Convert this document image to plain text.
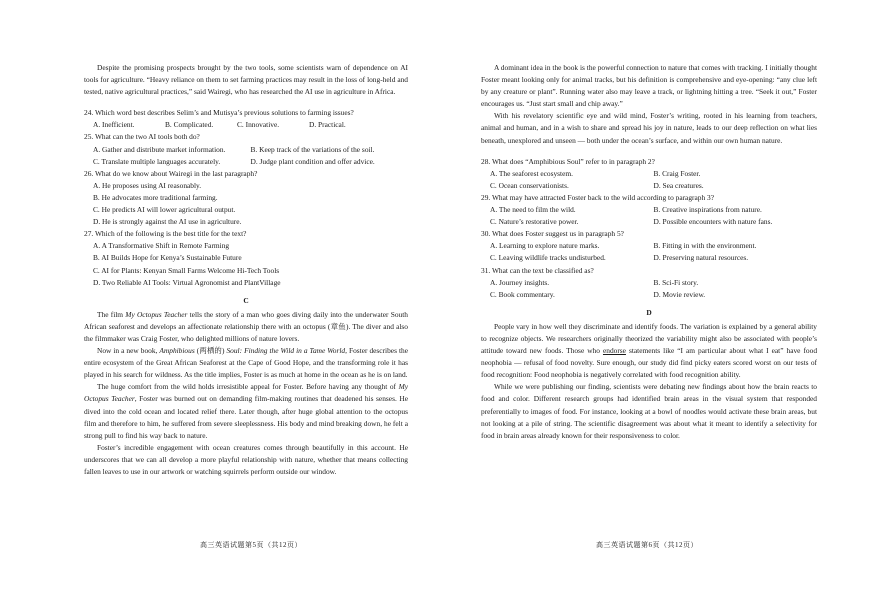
Despite the promising prospects brought by the two tools, some scientists warn of dependence on AI tools for agriculture. “Heavy reliance on them to set farming practices may result in the loss of long-held and tested, native agricultural practices,” said Wairegi, who has researched the AI use in agriculture in Africa.

24. Which word best describes Selim’s and Mutisya’s previous solutions to farming issues?

A. Inefficient.	B. Complicated.	C. Innovative.	D. Practical.

25. What can the two AI tools both do?

A. Gather and distribute market information.	B. Keep track of the variations of the soil.
C. Translate multiple languages accurately.	D. Judge plant condition and offer advice.

26. What do we know about Wairegi in the last paragraph?

A. He proposes using AI reasonably.

B. He advocates more traditional farming.

C. He predicts AI will lower agricultural output.

D. He is strongly against the AI use in agriculture.

27. Which of the following is the best title for the text?

A. A Transformative Shift in Remote Farming

B. AI Builds Hope for Kenya’s Sustainable Future

C. AI for Plants: Kenyan Small Farms Welcome Hi-Tech Tools

D. Two Reliable AI Tools: Virtual Agronomist and PlantVillage

C

The film My Octopus Teacher tells the story of a man who goes diving daily into the underwater South African seaforest and develops an affectionate relationship there with an octopus (章鱼). The diver and also the filmmaker was Craig Foster, who delighted millions of nature lovers.

Now in a new book, Amphibious (两栖的) Soul: Finding the Wild in a Tame World, Foster describes the entire ecosystem of the Great African Seaforest at the Cape of Good Hope, and the transforming role it has played in his search for wildness. As the title implies, Foster is as much at home in the ocean as he is on land.

The huge comfort from the wild holds irresistible appeal for Foster. Before having any thought of My Octopus Teacher, Foster was burned out on demanding film-making routines that deadened his senses. He dived into the cold ocean and located relief there. Later though, after huge global attention to the octopus film and therefore to him, he suffered from severe sleeplessness. His body and mind breaking down, he felt a strong pull to find his way back to nature.

Foster’s incredible engagement with ocean creatures comes through beautifully in this account. He underscores that we can all develop a more playful relationship with nature, whether that means collecting fallen leaves to use in our artwork or watching squirrels perform outside our window.

高三英语试题第5页（共12页）

A dominant idea in the book is the powerful connection to nature that comes with tracking. I initially thought Foster meant looking only for animal tracks, but his definition is comprehensive and eye-opening: “any clue left by any creature or plant”. Running water also may leave a track, or lightning hitting a tree. “Seek it out,” Foster encourages us. “Just start small and chip away.”

With his revelatory scientific eye and wild mind, Foster’s writing, rooted in his learning from teachers, animal and human, and in a wish to share and spread his joy in nature, leads to our deep reflection on what lies beneath, unexplored and unseen — both under the ocean’s surface, and within our own human nature.

28. What does “Amphibious Soul” refer to in paragraph 2?

A. The seaforest ecosystem.	B. Craig Foster.
C. Ocean conservationists.	D. Sea creatures.

29. What may have attracted Foster back to the wild according to paragraph 3?

A. The need to film the wild.	B. Creative inspirations from nature.
C. Nature’s restorative power.	D. Possible encounters with nature fans.

30. What does Foster suggest us in paragraph 5?

A. Learning to explore nature marks.	B. Fitting in with the environment.
C. Leaving wildlife tracks undisturbed.	D. Preserving natural resources.

31. What can the text be classified as?

A. Journey insights.	B. Sci-Fi story.
C. Book commentary.	D. Movie review.
D

People vary in how well they discriminate and identify foods. The variation is explained by a general ability to recognize objects. We researchers originally theorized the variability might also be associated with people’s attitude toward new foods. Those who endorse statements like “I am particular about what I eat” have food neophobia — refusal of food novelty. Sure enough, our study did find picky eaters scored worst on our tests of food recognition: Food neophobia is negatively correlated with food recognition ability.

While we were publishing our finding, scientists were debating new findings about how the brain reacts to food and color. Different research groups had identified brain areas in the visual system that responded preferentially to images of food. For instance, looking at a bowl of noodles would activate these brain areas, but not looking at a pile of string. The scientific disagreement was about what it meant to identify a selectivity for food in brain areas already known for their responsiveness to color.

高三英语试题第6页（共12页）
